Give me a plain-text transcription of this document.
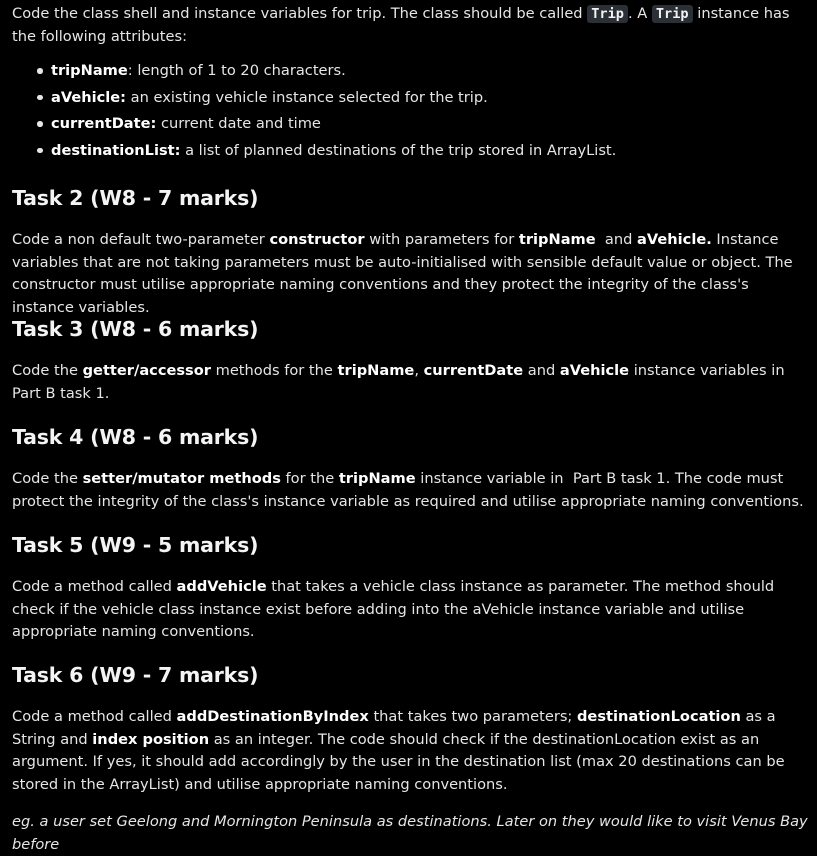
Code the class shell and instance variables for trip. The class should be called Trip . A Trip instance has the following attributes:

tripName: length of 1 to 20 characters.
aVehicle: an existing vehicle instance selected for the trip.
currentDate: current date and time
destinationList: a list of planned destinations of the trip stored in ArrayList.
Task 2 (W8 - 7 marks)

Code a non default two-parameter constructor with parameters for tripName  and aVehicle. Instance variables that are not taking parameters must be auto-initialised with sensible default value or object. The constructor must utilise appropriate naming conventions and they protect the integrity of the class's instance variables.

Task 3 (W8 - 6 marks)

Code the getter/accessor methods for the tripName, currentDate and aVehicle instance variables in Part B task 1.

Task 4 (W8 - 6 marks)

Code the setter/mutator methods for the tripName instance variable in  Part B task 1. The code must protect the integrity of the class's instance variable as required and utilise appropriate naming conventions.

Task 5 (W9 - 5 marks)

Code a method called addVehicle that takes a vehicle class instance as parameter. The method should check if the vehicle class instance exist before adding into the aVehicle instance variable and utilise appropriate naming conventions.

Task 6 (W9 - 7 marks)

Code a method called addDestinationByIndex that takes two parameters; destinationLocation as a String and index position as an integer. The code should check if the destinationLocation exist as an argument. If yes, it should add accordingly by the user in the destination list (max 20 destinations can be stored in the ArrayList) and utilise appropriate naming conventions.

eg. a user set Geelong and Mornington Peninsula as destinations. Later on they would like to visit Venus Bay before
